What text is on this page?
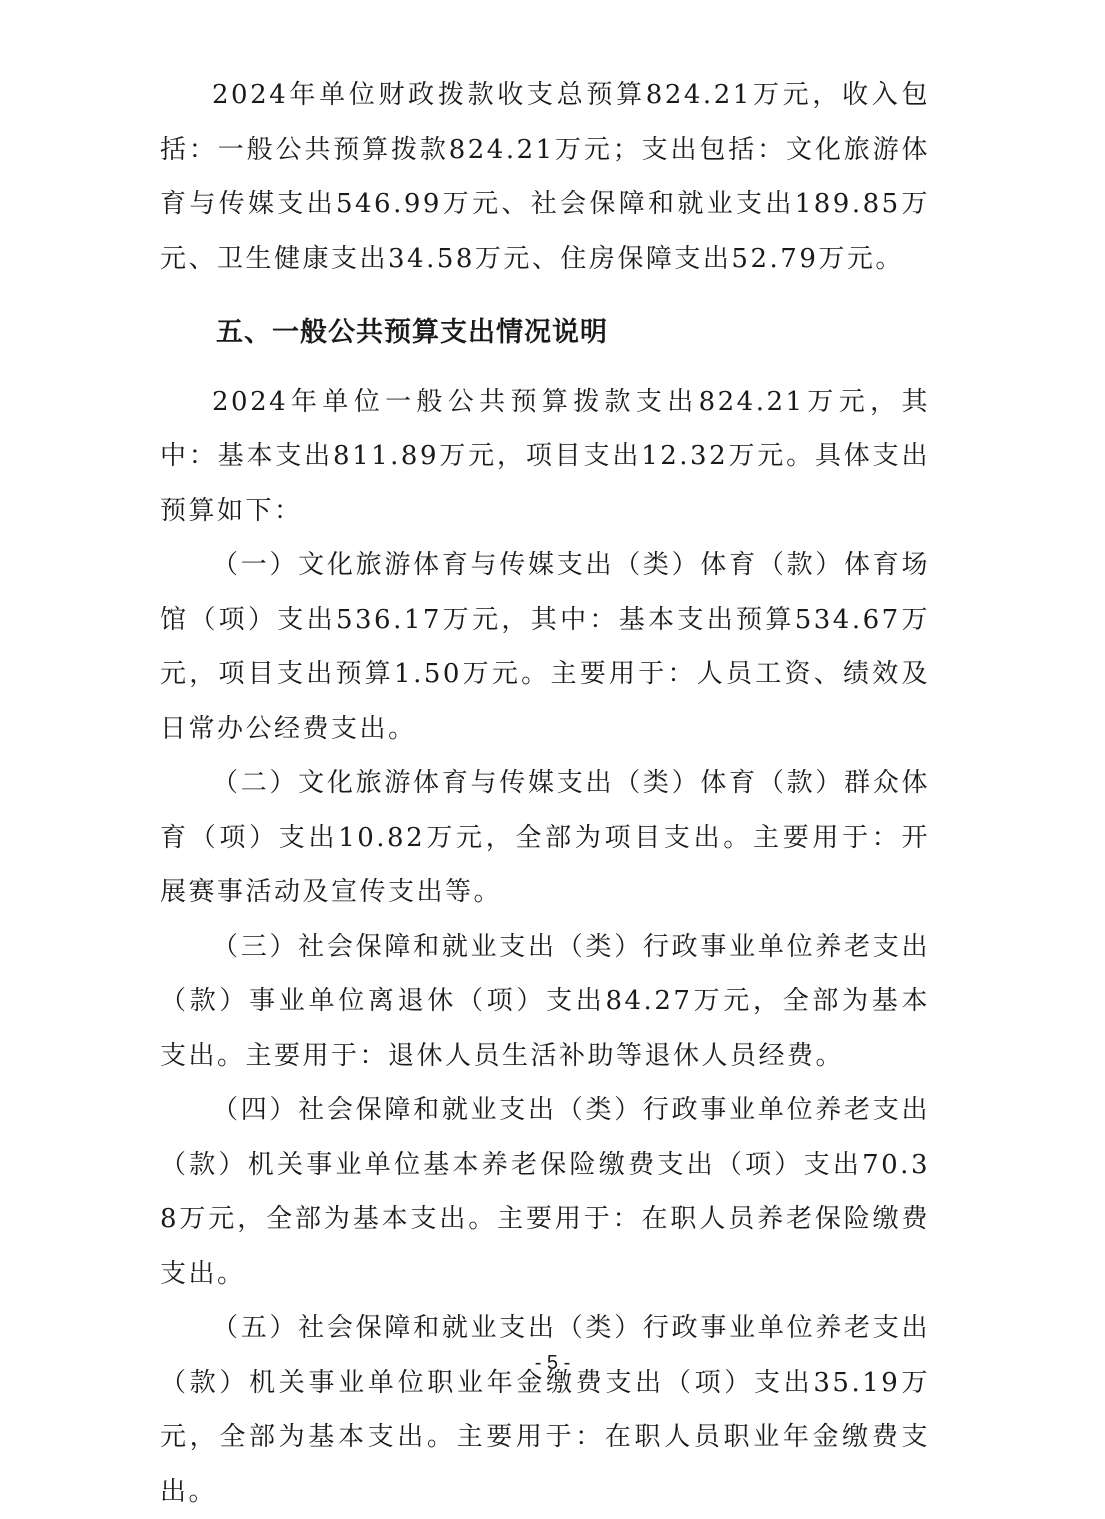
2024年单位财政拨款收支总预算824.21万元，收入包括：一般公共预算拨款824.21万元；支出包括：文化旅游体育与传媒支出546.99万元、社会保障和就业支出189.85万元、卫生健康支出34.58万元、住房保障支出52.79万元。

五、一般公共预算支出情况说明

2024年单位一般公共预算拨款支出824.21万元，其中：基本支出811.89万元，项目支出12.32万元。具体支出预算如下：

（一）文化旅游体育与传媒支出（类）体育（款）体育场馆（项）支出536.17万元，其中：基本支出预算534.67万元，项目支出预算1.50万元。主要用于：人员工资、绩效及日常办公经费支出。

（二）文化旅游体育与传媒支出（类）体育（款）群众体育（项）支出10.82万元，全部为项目支出。主要用于：开展赛事活动及宣传支出等。

（三）社会保障和就业支出（类）行政事业单位养老支出（款）事业单位离退休（项）支出84.27万元，全部为基本支出。主要用于：退休人员生活补助等退休人员经费。

（四）社会保障和就业支出（类）行政事业单位养老支出（款）机关事业单位基本养老保险缴费支出（项）支出70.38万元，全部为基本支出。主要用于：在职人员养老保险缴费支出。

（五）社会保障和就业支出（类）行政事业单位养老支出（款）机关事业单位职业年金缴费支出（项）支出35.19万元，全部为基本支出。主要用于：在职人员职业年金缴费支出。

- 5 -
